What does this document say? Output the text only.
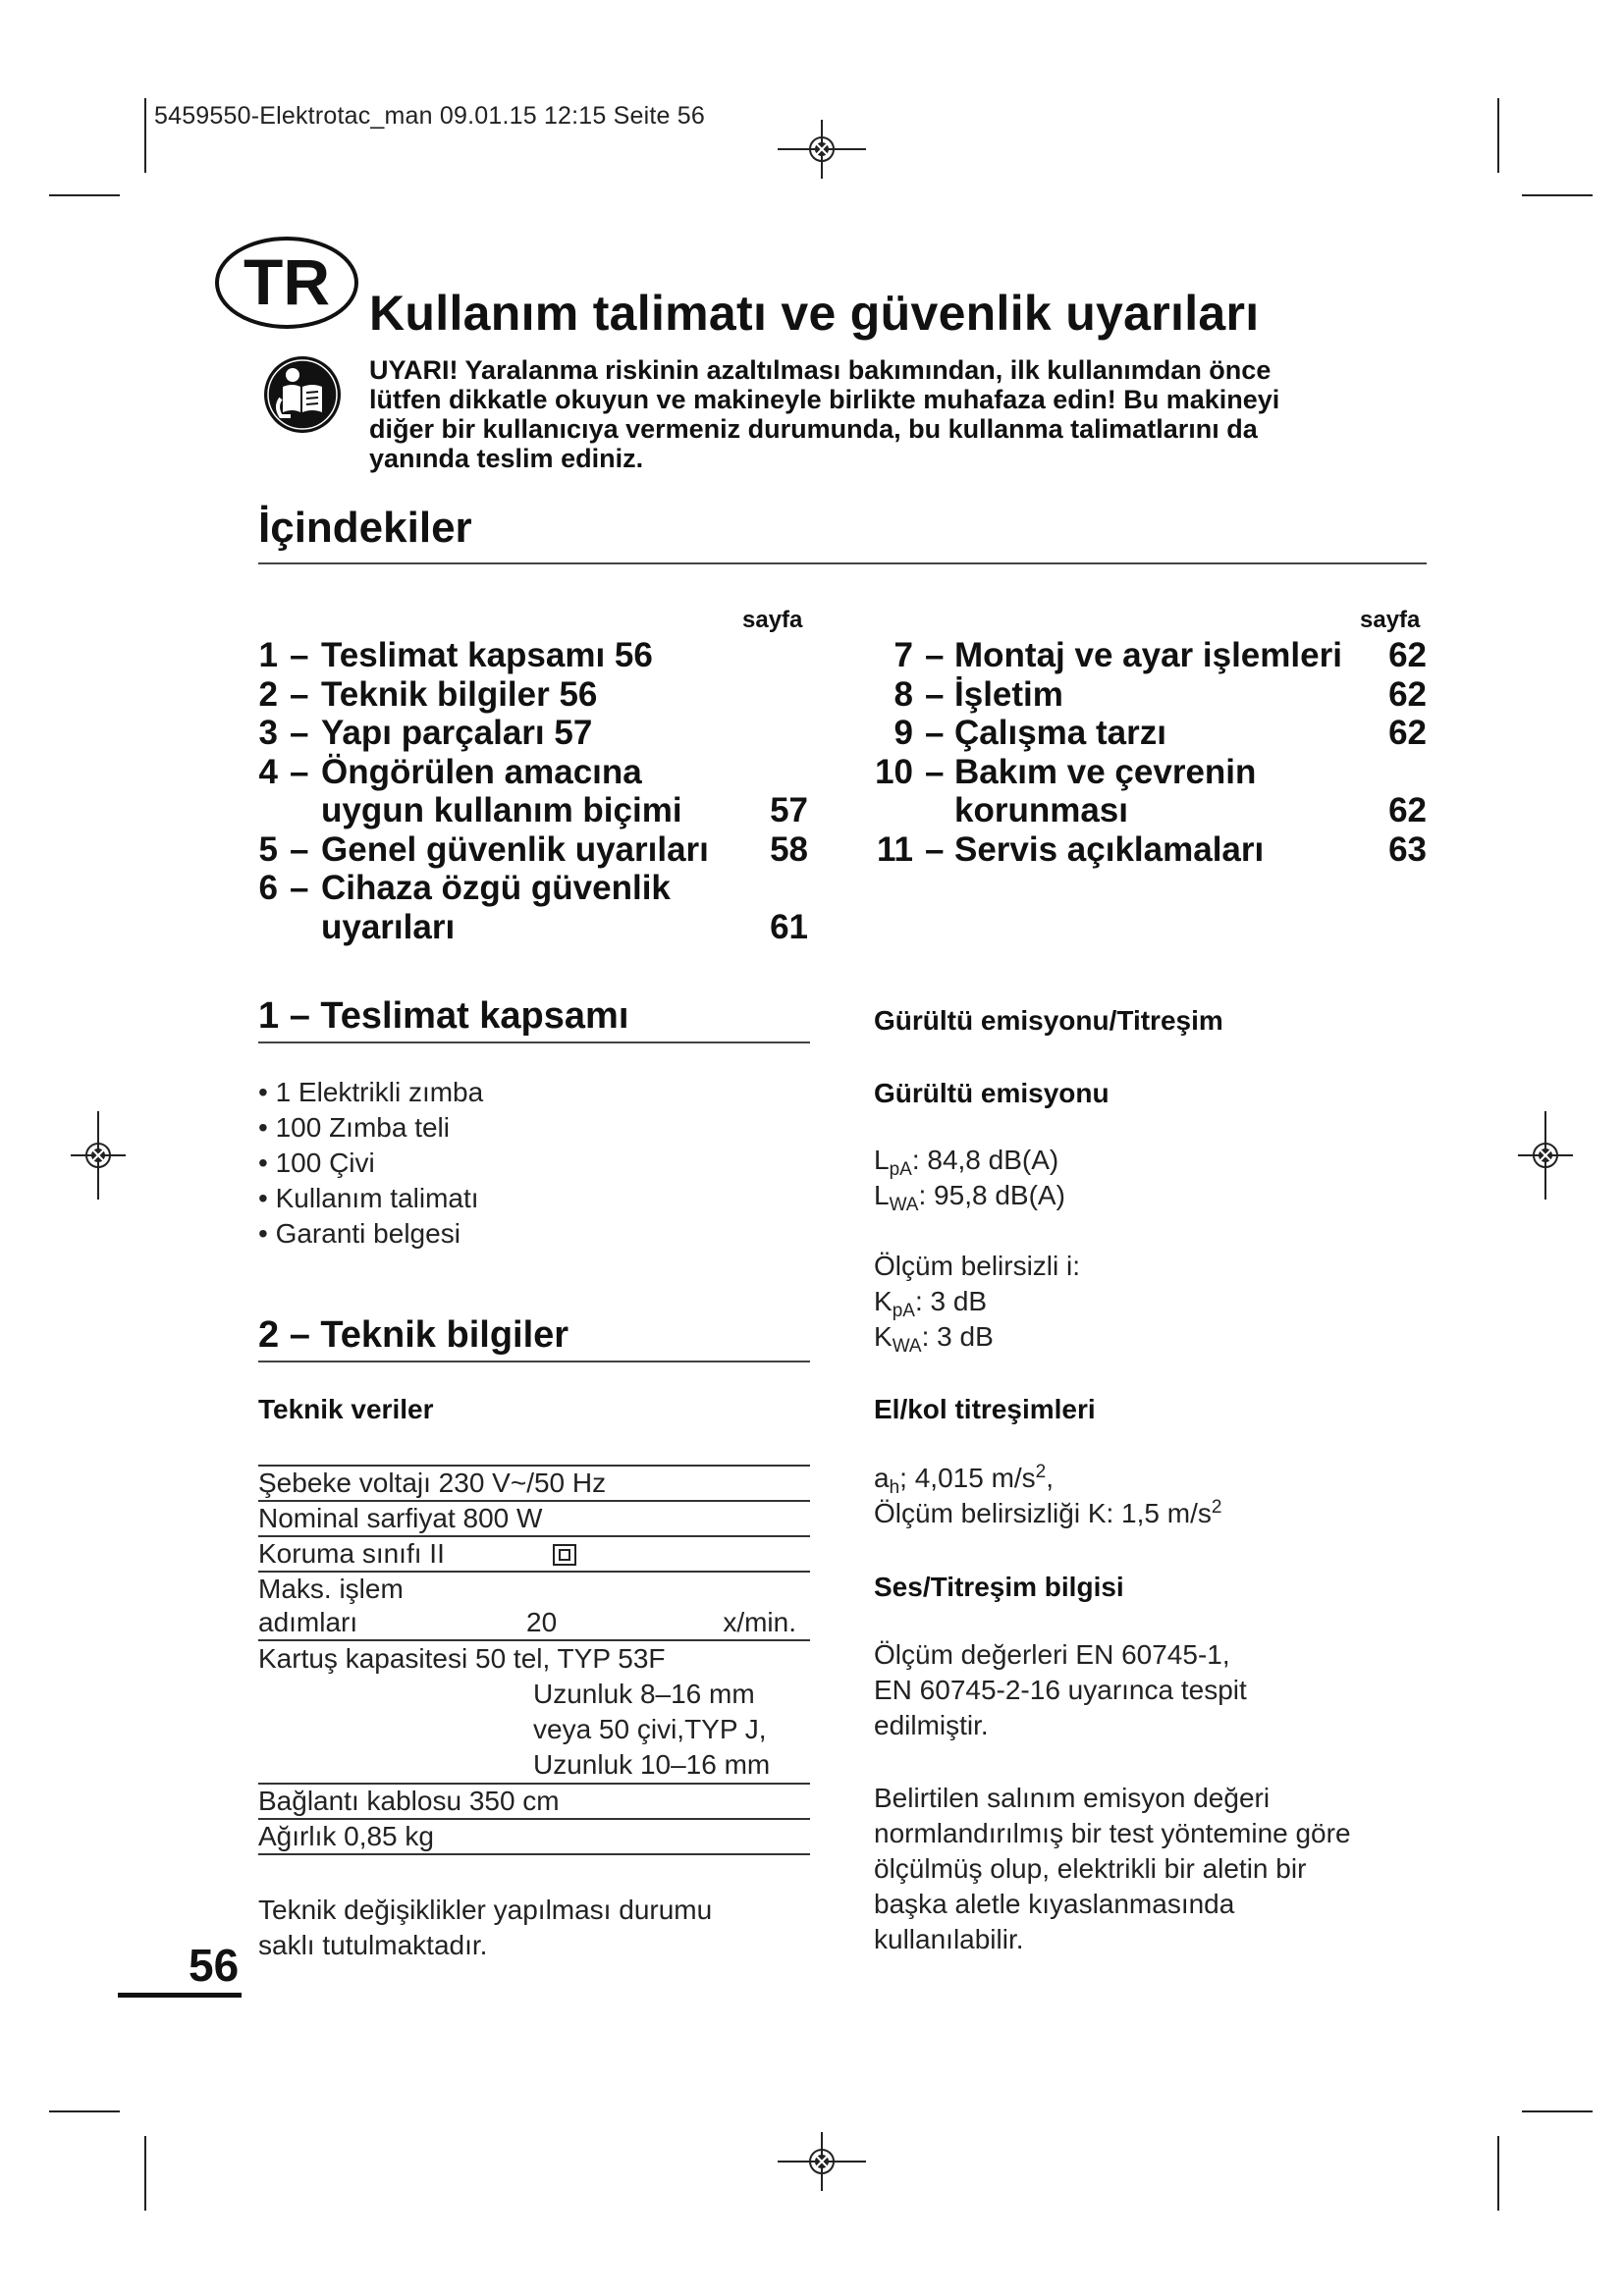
5459550-Elektrotac_man 09.01.15 12:15 Seite 56
TR Kullanım talimatı ve güvenlik uyarıları
UYARI! Yaralanma riskinin azaltılması bakımından, ilk kullanımdan önce
lütfen dikkatle okuyun ve makineyle birlikte muhafaza edin! Bu makineyi
diğer bir kullanıcıya vermeniz durumunda, bu kullanma talimatlarını da
yanında teslim ediniz.
İçindekiler
sayfa	sayfa
1 – Teslimat kapsamı 56
2 – Teknik bilgiler 56
3 – Yapı parçaları 57
4 – Öngörülen amacına
uygun kullanım biçimi	57
5 – Genel güvenlik uyarıları 58
6 – Cihaza özgü güvenlik
uyarıları	61
7 – Montaj ve ayar işlemleri 62
8 – İşletim	62
9 – Çalışma tarzı	62
10 – Bakım ve çevrenin
korunması	62
11 – Servis açıklamaları	63
1 – Teslimat kapsamı
• 1 Elektrikli zımba
• 100 Zımba teli
• 100 Çivi
• Kullanım talimatı
• Garanti belgesi
2 – Teknik bilgiler
Teknik veriler
Şebeke voltajı 230 V~/50 Hz
Nominal sarfiyat 800 W
Koruma sınıfı II
Maks. işlem
adımları	20	x/min.
Kartuş kapasitesi 50 tel, TYP 53F
Uzunluk 8–16 mm
veya 50 çivi,TYP J,
Uzunluk 10–16 mm
Bağlantı kablosu 350 cm
Ağırlık 0,85 kg
Teknik değişiklikler yapılması durumu
saklı tutulmaktadır.
Gürültü emisyonu/Titreşim
Gürültü emisyonu
$L_{pA}$: 84,8 dB(A)
$L_{WA}$: 95,8 dB(A)
Ölçüm belirsizli i:
$K_{pA}$: 3 dB
$K_{WA}$: 3 dB
El/kol titreşimleri
$a_h$; 4,015 $m/s^2$,
Ölçüm belirsizliği K: 1,5 $m/s^2$
Ses/Titreşim bilgisi
Ölçüm değerleri EN 60745-1,
EN 60745-2-16 uyarınca tespit
edilmiştir.
Belirtilen salınım emisyon değeri
normlandırılmış bir test yöntemine göre
ölçülmüş olup, elektrikli bir aletin bir
başka aletle kıyaslanmasında
kullanılabilir.
56
